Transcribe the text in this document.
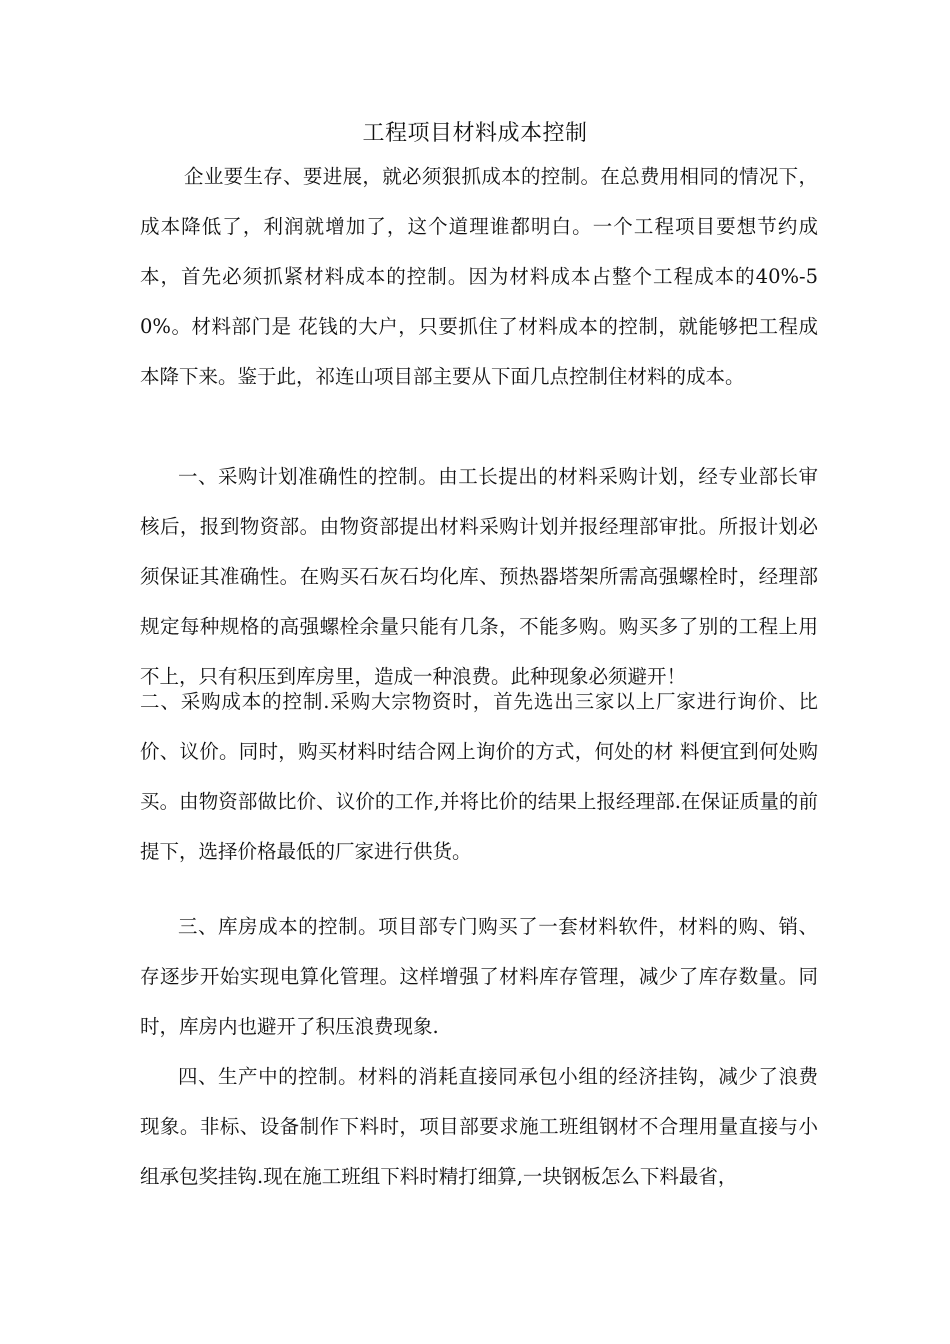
工程项目材料成本控制

企业要生存、要进展，就必须狠抓成本的控制。在总费用相同的情况下，成本降低了，利润就增加了，这个道理谁都明白。一个工程项目要想节约成本，首先必须抓紧材料成本的控制。因为材料成本占整个工程成本的40%-50%。材料部门是 花钱的大户，只要抓住了材料成本的控制，就能够把工程成本降下来。鉴于此，祁连山项目部主要从下面几点控制住材料的成本。

一、采购计划准确性的控制。由工长提出的材料采购计划，经专业部长审核后，报到物资部。由物资部提出材料采购计划并报经理部审批。所报计划必须保证其准确性。在购买石灰石均化库、预热器塔架所需高强螺栓时，经理部规定每种规格的高强螺栓余量只能有几条，不能多购。购买多了别的工程上用不上，只有积压到库房里，造成一种浪费。此种现象必须避开！

二、采购成本的控制.采购大宗物资时，首先选出三家以上厂家进行询价、比价、议价。同时，购买材料时结合网上询价的方式，何处的材 料便宜到何处购买。由物资部做比价、议价的工作,并将比价的结果上报经理部.在保证质量的前提下，选择价格最低的厂家进行供货。

三、库房成本的控制。项目部专门购买了一套材料软件，材料的购、销、存逐步开始实现电算化管理。这样增强了材料库存管理，减少了库存数量。同时，库房内也避开了积压浪费现象.

四、生产中的控制。材料的消耗直接同承包小组的经济挂钩，减少了浪费现象。非标、设备制作下料时，项目部要求施工班组钢材不合理用量直接与小组承包奖挂钩.现在施工班组下料时精打细算,一块钢板怎么下料最省，
